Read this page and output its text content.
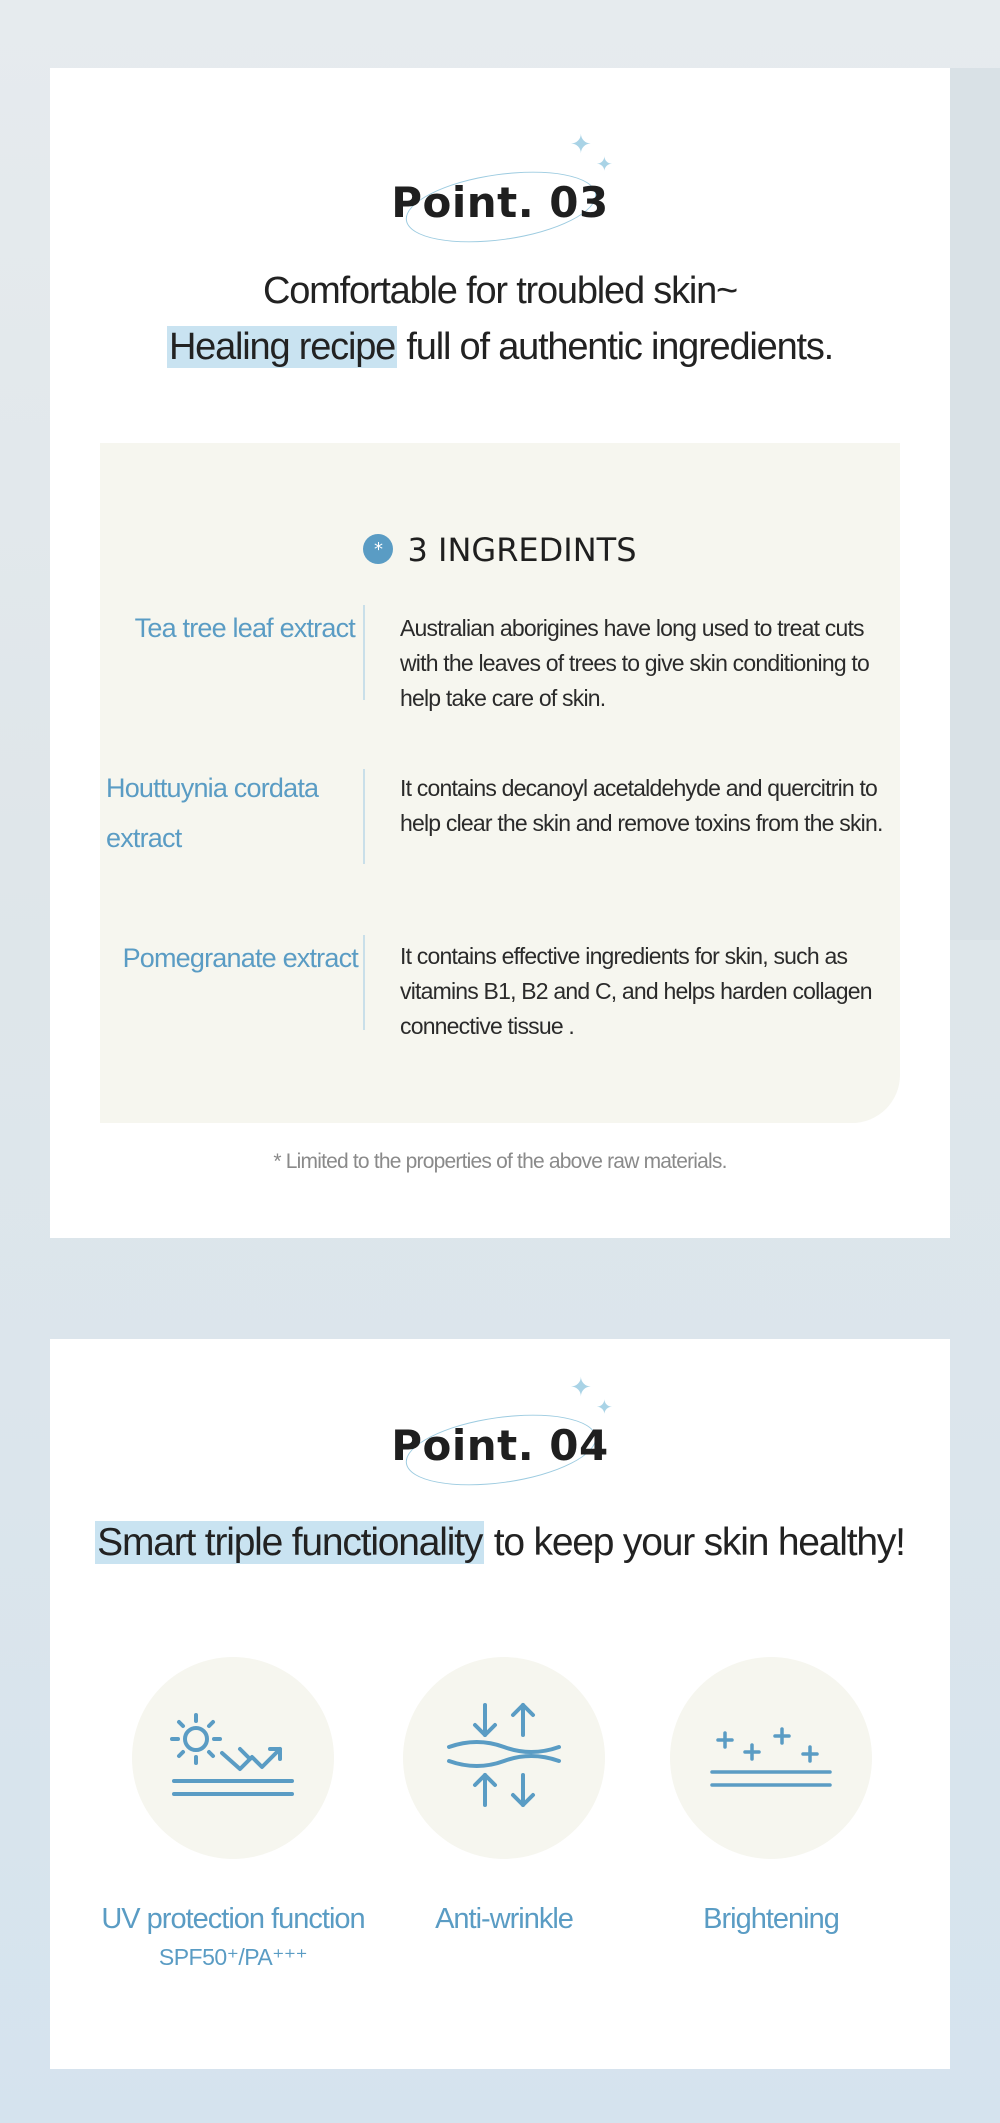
✦
✦
Point. 03
Comfortable for troubled skin~
Healing recipe full of authentic ingredients.
* 3 INGREDINTS
Tea tree leaf extract Australian aborigines have long used to treat cuts with the leaves of trees to give skin conditioning to help take care of skin.
Houttuynia cordata extract
It contains decanoyl acetaldehyde and quercitrin to help clear the skin and remove toxins from the skin.
Pomegranate extract It contains effective ingredients for skin, such as vitamins B1, B2 and C, and helps harden collagen connective tissue .
* Limited to the properties of the above raw materials.
✦
✦
Point. 04
Smart triple functionality to keep your skin healthy!
UV protection function
SPF50⁺/PA⁺⁺⁺
Anti-wrinkle	Brightening
